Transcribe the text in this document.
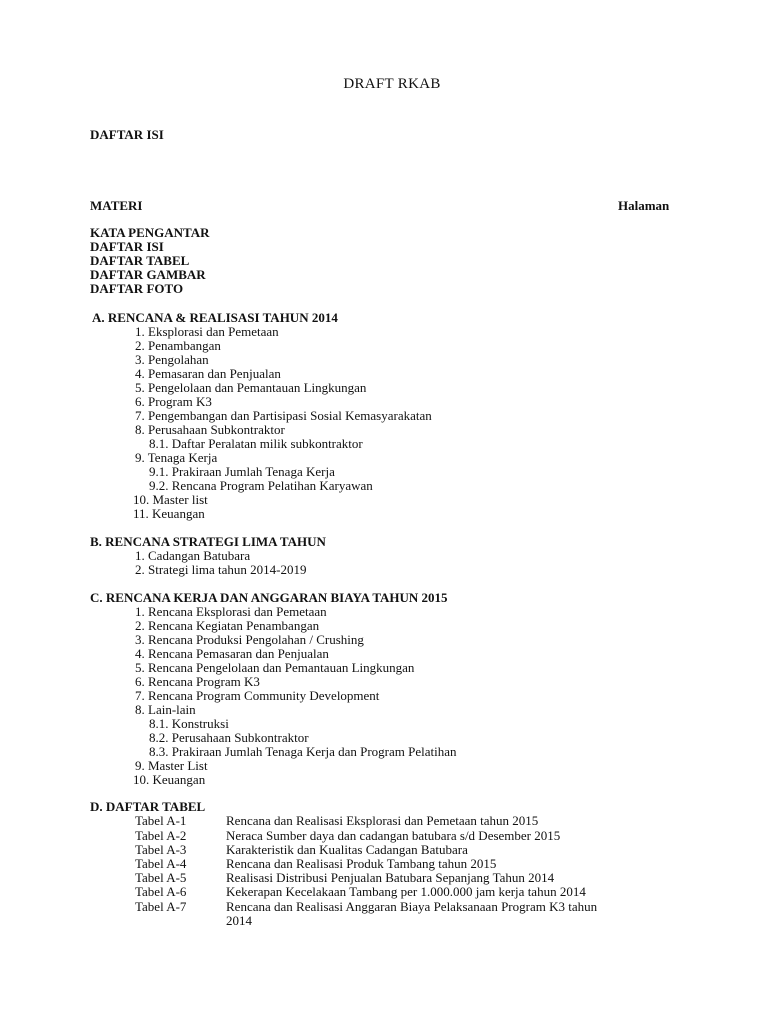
DRAFT RKAB
DAFTAR ISI
MATERI	Halaman
KATA PENGANTAR
DAFTAR ISI
DAFTAR TABEL
DAFTAR GAMBAR
DAFTAR FOTO
A. RENCANA & REALISASI TAHUN 2014
1. Eksplorasi dan Pemetaan
2. Penambangan
3. Pengolahan
4. Pemasaran dan Penjualan
5. Pengelolaan dan Pemantauan Lingkungan
6. Program K3
7. Pengembangan dan Partisipasi Sosial Kemasyarakatan
8. Perusahaan Subkontraktor
8.1. Daftar Peralatan milik subkontraktor
9. Tenaga Kerja
9.1. Prakiraan Jumlah Tenaga Kerja
9.2. Rencana Program Pelatihan Karyawan
10. Master list
11. Keuangan
B. RENCANA STRATEGI LIMA TAHUN
1. Cadangan Batubara
2. Strategi lima tahun 2014-2019
C. RENCANA KERJA DAN ANGGARAN BIAYA TAHUN 2015
1. Rencana Eksplorasi dan Pemetaan
2. Rencana Kegiatan Penambangan
3. Rencana Produksi Pengolahan / Crushing
4. Rencana Pemasaran dan Penjualan
5. Rencana Pengelolaan dan Pemantauan Lingkungan
6. Rencana Program K3
7. Rencana Program Community Development
8. Lain-lain
8.1. Konstruksi
8.2. Perusahaan Subkontraktor
8.3. Prakiraan Jumlah Tenaga Kerja dan Program Pelatihan
9. Master List
10. Keuangan
D. DAFTAR TABEL
Tabel A-1	Rencana dan Realisasi Eksplorasi dan Pemetaan tahun 2015
Tabel A-2	Neraca Sumber daya dan cadangan batubara s/d Desember 2015
Tabel A-3	Karakteristik dan Kualitas Cadangan Batubara
Tabel A-4	Rencana dan Realisasi Produk Tambang tahun 2015
Tabel A-5	Realisasi Distribusi Penjualan Batubara Sepanjang Tahun 2014
Tabel A-6	Kekerapan Kecelakaan Tambang per 1.000.000 jam kerja tahun 2014
Tabel A-7	Rencana dan Realisasi Anggaran Biaya Pelaksanaan Program K3 tahun
2014
